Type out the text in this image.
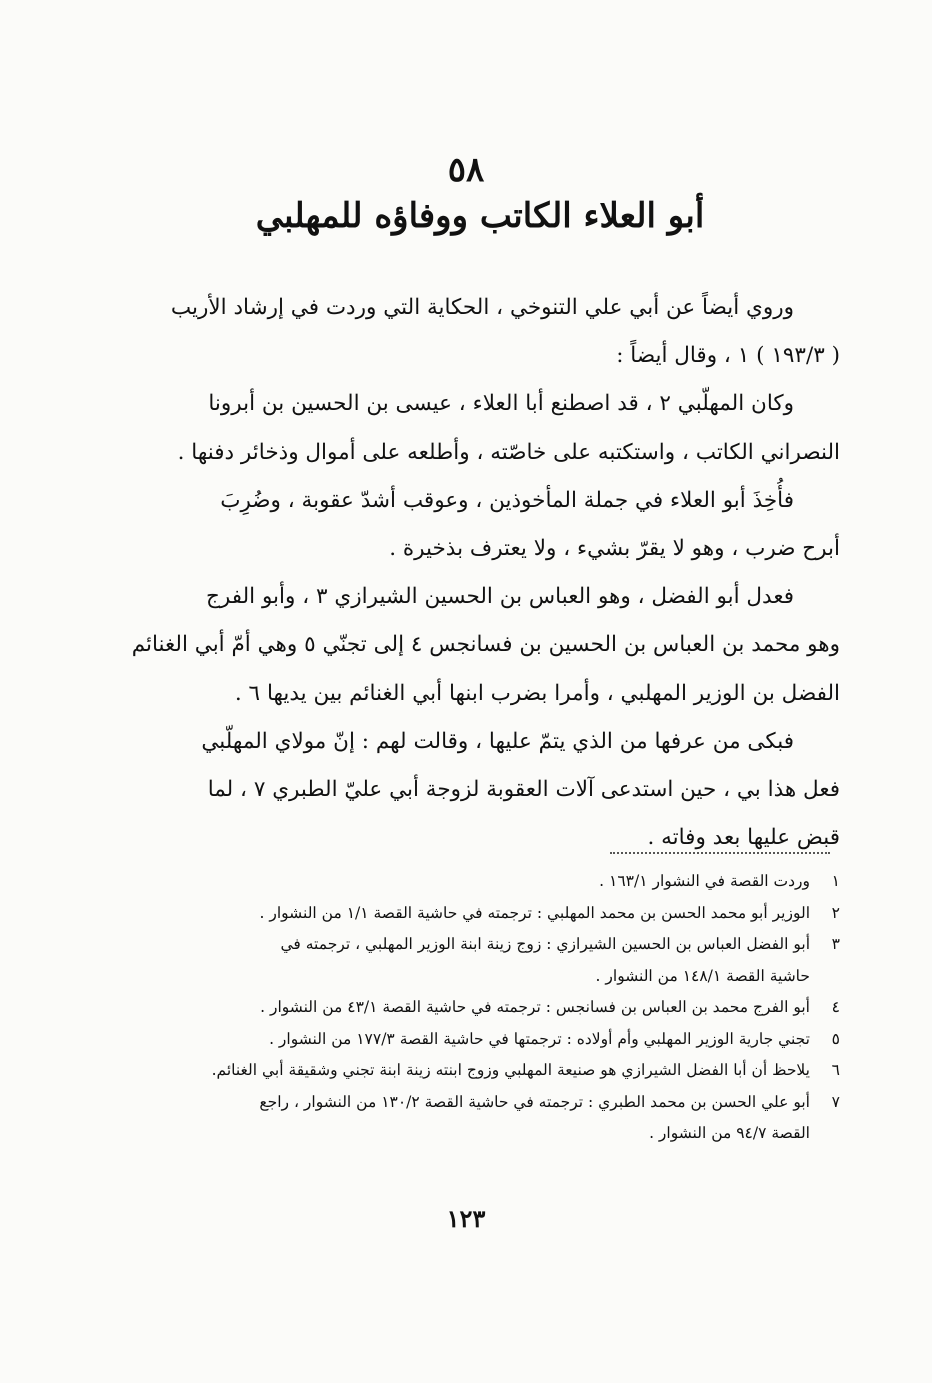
٥٨
أبو العلاء الكاتب ووفاؤه للمهلبي

وروي أيضاً عن أبي علي التنوخي ، الحكاية التي وردت في إرشاد الأريب
( ١٩٣/٣ ) ١ ، وقال أيضاً :

وكان المهلّبي ٢ ، قد اصطنع أبا العلاء ، عيسى بن الحسين بن أبرونا
النصراني الكاتب ، واستكتبه على خاصّته ، وأطلعه على أموال وذخائر دفنها .

فأُخِذَ أبو العلاء في جملة المأخوذين ، وعوقب أشدّ عقوبة ، وضُرِبَ
أبرح ضرب ، وهو لا يقرّ بشيء ، ولا يعترف بذخيرة .

فعدل أبو الفضل ، وهو العباس بن الحسين الشيرازي ٣ ، وأبو الفرج
وهو محمد بن العباس بن الحسين بن فسانجس ٤ إلى تجنّي ٥ وهي أمّ أبي الغنائم
الفضل بن الوزير المهلبي ، وأمرا بضرب ابنها أبي الغنائم بين يديها ٦ .

فبكى من عرفها من الذي يتمّ عليها ، وقالت لهم : إنّ مولاي المهلّبي
فعل هذا بي ، حين استدعى آلات العقوبة لزوجة أبي عليّ الطبري ٧ ، لما
قبض عليها بعد وفاته .

١
وردت القصة في النشوار ١٦٣/١ .
٢
الوزير أبو محمد الحسن بن محمد المهلبي : ترجمته في حاشية القصة ١/١ من النشوار .
٣
أبو الفضل العباس بن الحسين الشيرازي : زوج زينة ابنة الوزير المهلبي ، ترجمته في
حاشية القصة ١٤٨/١ من النشوار .
٤
أبو الفرج محمد بن العباس بن فسانجس : ترجمته في حاشية القصة ٤٣/١ من النشوار .
٥
تجني جارية الوزير المهلبي وأم أولاده : ترجمتها في حاشية القصة ١٧٧/٣ من النشوار .
٦
يلاحظ أن أبا الفضل الشيرازي هو صنيعة المهلبي وزوج ابنته زينة ابنة تجني وشقيقة أبي الغنائم.
٧
أبو علي الحسن بن محمد الطبري : ترجمته في حاشية القصة ١٣٠/٢ من النشوار ، راجع
القصة ٩٤/٧ من النشوار .
١٢٣
